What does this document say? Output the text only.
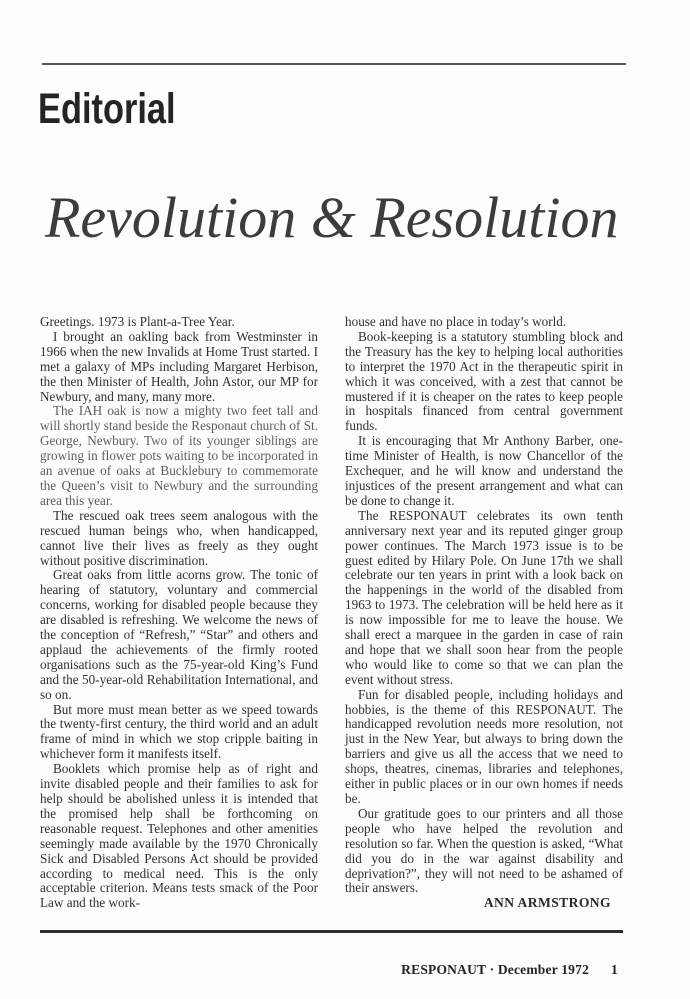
Editorial
Revolution & Resolution

Greetings. 1973 is Plant-a-Tree Year.

I brought an oakling back from Westminster in 1966 when the new Invalids at Home Trust started. I met a galaxy of MPs including Margaret Herbison, the then Minister of Health, John Astor, our MP for Newbury, and many, many more.

The IAH oak is now a mighty two feet tall and will shortly stand beside the Responaut church of St. George, Newbury. Two of its younger siblings are growing in flower pots waiting to be incorporated in an avenue of oaks at Bucklebury to commemorate the Queen’s visit to Newbury and the surrounding area this year.

The rescued oak trees seem analogous with the rescued human beings who, when handicapped, cannot live their lives as freely as they ought without positive discrimination.

Great oaks from little acorns grow. The tonic of hearing of statutory, voluntary and commercial concerns, working for disabled people because they are disabled is refreshing. We welcome the news of the conception of “Refresh,” “Star” and others and applaud the achievements of the firmly rooted organisations such as the 75-year-old King’s Fund and the 50-year-old Rehabilitation International, and so on.

But more must mean better as we speed towards the twenty-first century, the third world and an adult frame of mind in which we stop cripple baiting in whichever form it manifests itself.

Booklets which promise help as of right and invite disabled people and their families to ask for help should be abolished unless it is intended that the promised help shall be forthcoming on reasonable request. Telephones and other amenities seemingly made available by the 1970 Chronically Sick and Disabled Persons Act should be provided according to medical need. This is the only acceptable criterion. Means tests smack of the Poor Law and the work-

house and have no place in today’s world.

Book-keeping is a statutory stumbling block and the Treasury has the key to helping local authorities to interpret the 1970 Act in the therapeutic spirit in which it was conceived, with a zest that cannot be mustered if it is cheaper on the rates to keep people in hospitals financed from central government funds.

It is encouraging that Mr Anthony Barber, one-time Minister of Health, is now Chancellor of the Exchequer, and he will know and understand the injustices of the present arrangement and what can be done to change it.

The RESPONAUT celebrates its own tenth anniversary next year and its reputed ginger group power continues. The March 1973 issue is to be guest edited by Hilary Pole. On June 17th we shall celebrate our ten years in print with a look back on the happenings in the world of the disabled from 1963 to 1973. The celebration will be held here as it is now impossible for me to leave the house. We shall erect a marquee in the garden in case of rain and hope that we shall soon hear from the people who would like to come so that we can plan the event without stress.

Fun for disabled people, including holidays and hobbies, is the theme of this RESPONAUT. The handicapped revolution needs more resolution, not just in the New Year, but always to bring down the barriers and give us all the access that we need to shops, theatres, cinemas, libraries and telephones, either in public places or in our own homes if needs be.

Our gratitude goes to our printers and all those people who have helped the revolution and resolution so far. When the question is asked, “What did you do in the war against disability and deprivation?”, they will not need to be ashamed of their answers.

ANN ARMSTRONG

RESPONAUT · December 1972 1
